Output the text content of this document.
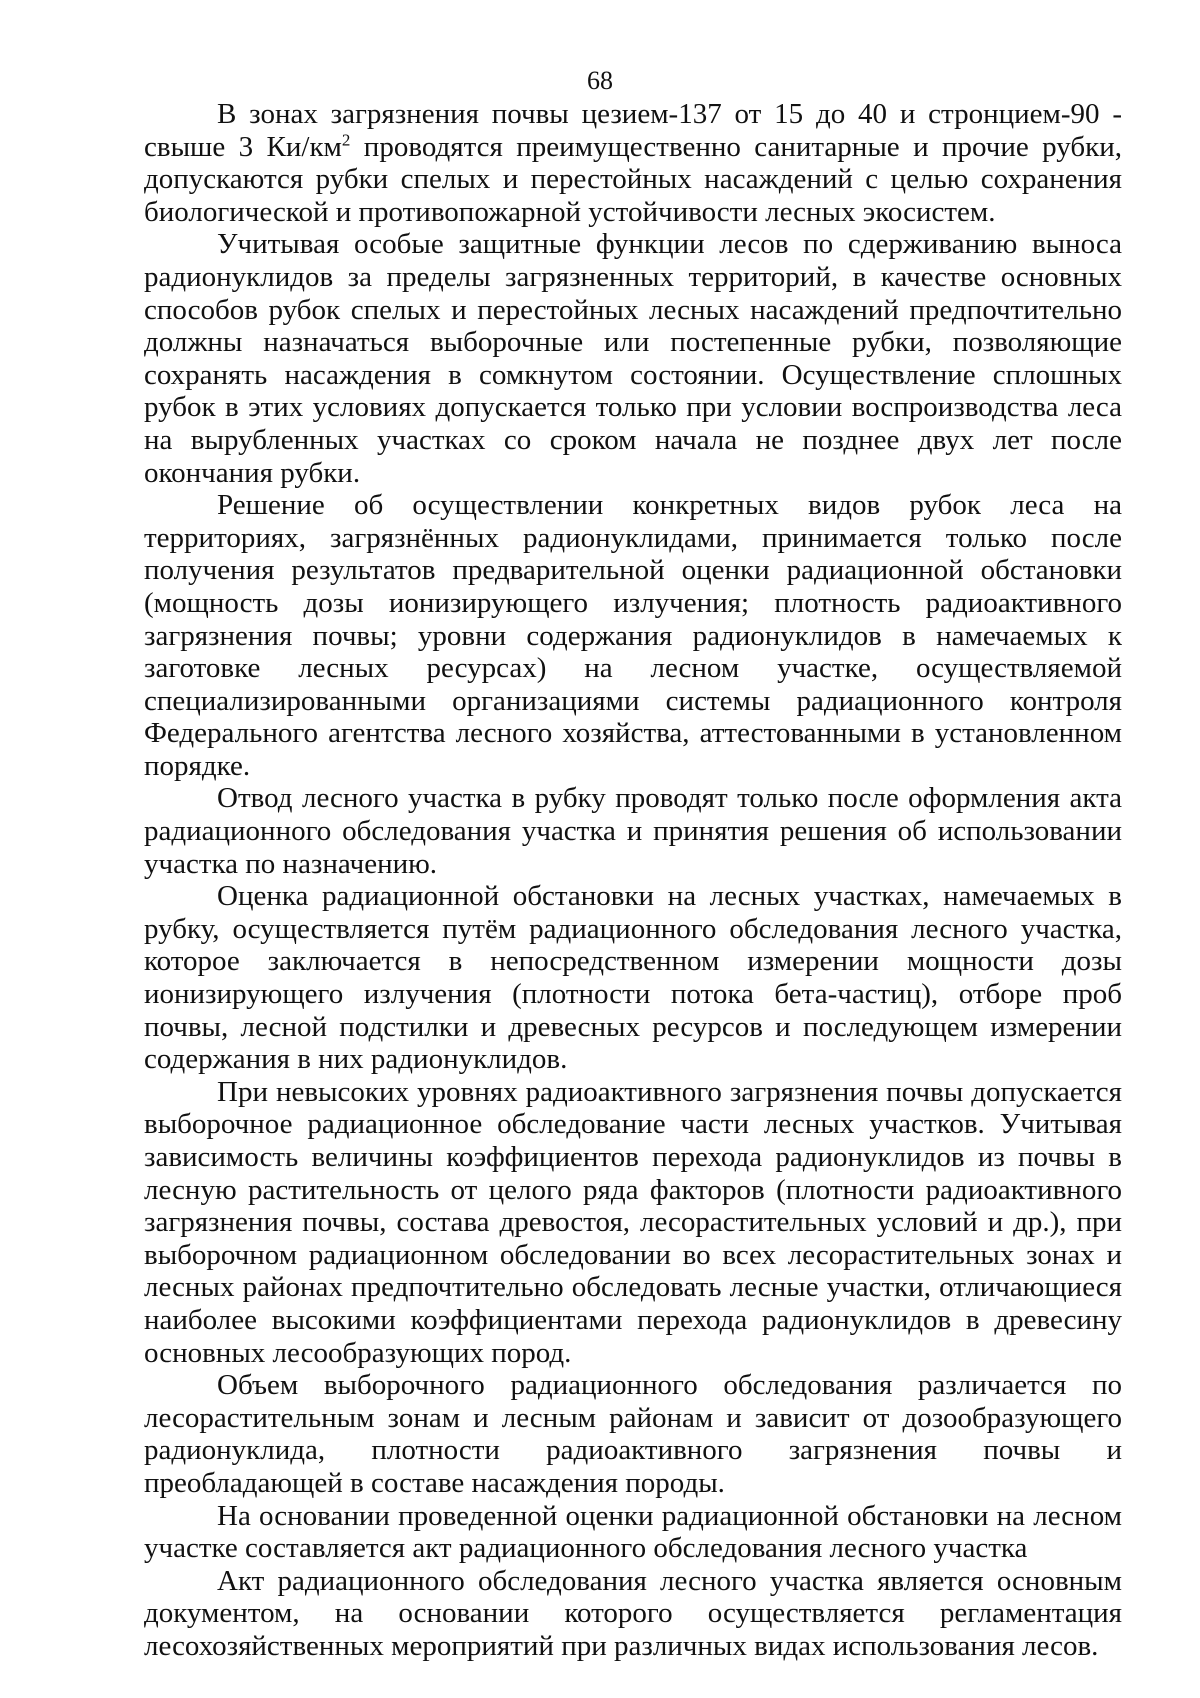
68

В зонах загрязнения почвы цезием-137 от 15 до 40 и стронцием-90 - свыше 3 $Ки/км^2$ проводятся преимущественно санитарные и прочие рубки, допускаются рубки спелых и перестойных насаждений с целью сохранения биологической и противопожарной устойчивости лесных экосистем.

Учитывая особые защитные функции лесов по сдерживанию выноса радионуклидов за пределы загрязненных территорий, в качестве основных способов рубок спелых и перестойных лесных насаждений предпочтительно должны назначаться выборочные или постепенные рубки, позволяющие сохранять насаждения в сомкнутом состоянии. Осуществление сплошных рубок в этих условиях допускается только при условии воспроизводства леса на вырубленных участках со сроком начала не позднее двух лет после окончания рубки.

Решение об осуществлении конкретных видов рубок леса на территориях, загрязнённых радионуклидами, принимается только после получения результатов предварительной оценки радиационной обстановки (мощность дозы ионизирующего излучения; плотность радиоактивного загрязнения почвы; уровни содержания радионуклидов в намечаемых к заготовке лесных ресурсах) на лесном участке, осуществляемой специализированными организациями системы радиационного контроля Федерального агентства лесного хозяйства, аттестованными в установленном порядке.

Отвод лесного участка в рубку проводят только после оформления акта радиационного обследования участка и принятия решения об использовании участка по назначению.

Оценка радиационной обстановки на лесных участках, намечаемых в рубку, осуществляется путём радиационного обследования лесного участка, которое заключается в непосредственном измерении мощности дозы ионизирующего излучения (плотности потока бета-частиц), отборе проб почвы, лесной подстилки и древесных ресурсов и последующем измерении содержания в них радионуклидов.

При невысоких уровнях радиоактивного загрязнения почвы допускается выборочное радиационное обследование части лесных участков. Учитывая зависимость величины коэффициентов перехода радионуклидов из почвы в лесную растительность от целого ряда факторов (плотности радиоактивного загрязнения почвы, состава древостоя, лесорастительных условий и др.), при выборочном радиационном обследовании во всех лесорастительных зонах и лесных районах предпочтительно обследовать лесные участки, отличающиеся наиболее высокими коэффициентами перехода радионуклидов в древесину основных лесообразующих пород.

Объем выборочного радиационного обследования различается по лесорастительным зонам и лесным районам и зависит от дозообразующего радионуклида, плотности радиоактивного загрязнения почвы и преобладающей в составе насаждения породы.

На основании проведенной оценки радиационной обстановки на лесном участке составляется акт радиационного обследования лесного участка

Акт радиационного обследования лесного участка является основным документом, на основании которого осуществляется регламентация лесохозяйственных мероприятий при различных видах использования лесов.
